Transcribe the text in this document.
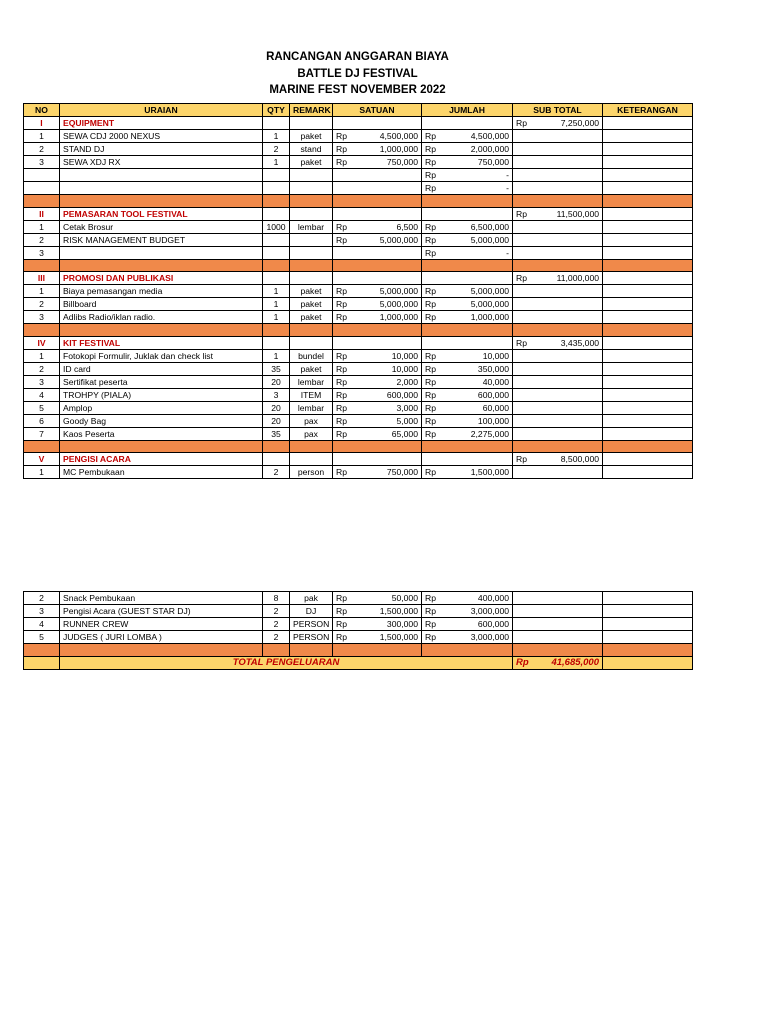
RANCANGAN ANGGARAN BIAYA
BATTLE DJ FESTIVAL
MARINE FEST NOVEMBER 2022
NO	URAIAN	QTY	REMARK	SATUAN	JUMLAH	SUB TOTAL	KETERANGAN
I	EQUIPMENT					Rp 7,250,000	

1	SEWA CDJ 2000 NEXUS	1	paket	Rp 4,500,000	Rp 4,500,000		

2	STAND DJ	2	stand	Rp 1,000,000	Rp 2,000,000		

3	SEWA XDJ RX	1	paket	Rp 750,000	Rp 750,000		

					Rp -		

					Rp -		

II	PEMASARAN TOOL FESTIVAL					Rp 11,500,000	

1	Cetak Brosur	1000	lembar	Rp 6,500	Rp 6,500,000		

2	RISK MANAGEMENT BUDGET			Rp 5,000,000	Rp 5,000,000		

3					Rp -		

III	PROMOSI DAN PUBLIKASI					Rp 11,000,000	

1	Biaya pemasangan media	1	paket	Rp 5,000,000	Rp 5,000,000		

2	Billboard	1	paket	Rp 5,000,000	Rp 5,000,000		

3	Adlibs Radio/iklan radio.	1	paket	Rp 1,000,000	Rp 1,000,000		

IV	KIT FESTIVAL					Rp 3,435,000	

1	Fotokopi Formulir, Juklak dan check list	1	bundel	Rp 10,000	Rp 10,000		

2	ID card	35	paket	Rp 10,000	Rp 350,000		

3	Sertifikat peserta	20	lembar	Rp 2,000	Rp 40,000		

4	TROHPY (PIALA)	3	ITEM	Rp 600,000	Rp 600,000		

5	Amplop	20	lembar	Rp 3,000	Rp 60,000		

6	Goody Bag	20	pax	Rp 5,000	Rp 100,000		

7	Kaos Peserta	35	pax	Rp 65,000	Rp 2,275,000		

V	PENGISI ACARA					Rp 8,500,000	

1	MC Pembukaan	2	person	Rp 750,000	Rp 1,500,000		

2	Snack Pembukaan	8	pak	Rp 50,000	Rp 400,000		

3	Pengisi Acara (GUEST STAR DJ)	2	DJ	Rp 1,500,000	Rp 3,000,000		

4	RUNNER CREW	2	PERSON	Rp 300,000	Rp 600,000		

5	JUDGES ( JURI LOMBA )	2	PERSON	Rp 1,500,000	Rp 3,000,000		

	TOTAL PENGELUARAN					Rp 41,685,000	
